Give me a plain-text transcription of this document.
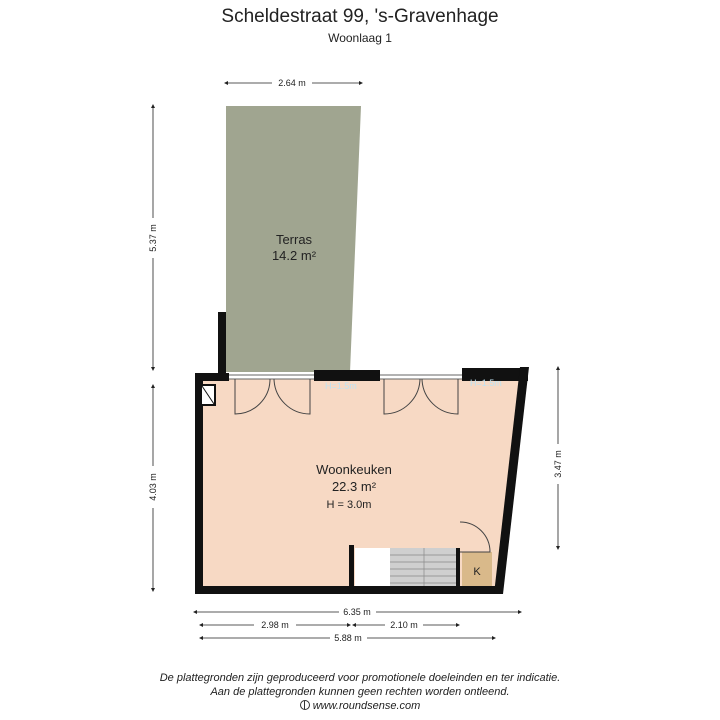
Scheldestraat 99, 's-Gravenhage
Woonlaag 1
H=1.5m	H=1.5m
Terras
14.2 m²
Woonkeuken
22.3 m²
H = 3.0m
K
2.64 m
5.37 m
4.03 m
3.47 m
6.35 m
2.98 m	2.10 m
5.88 m
De plattegronden zijn geproduceerd voor promotionele doeleinden en ter indicatie.
Aan de plattegronden kunnen geen rechten worden ontleend.
www.roundsense.com
